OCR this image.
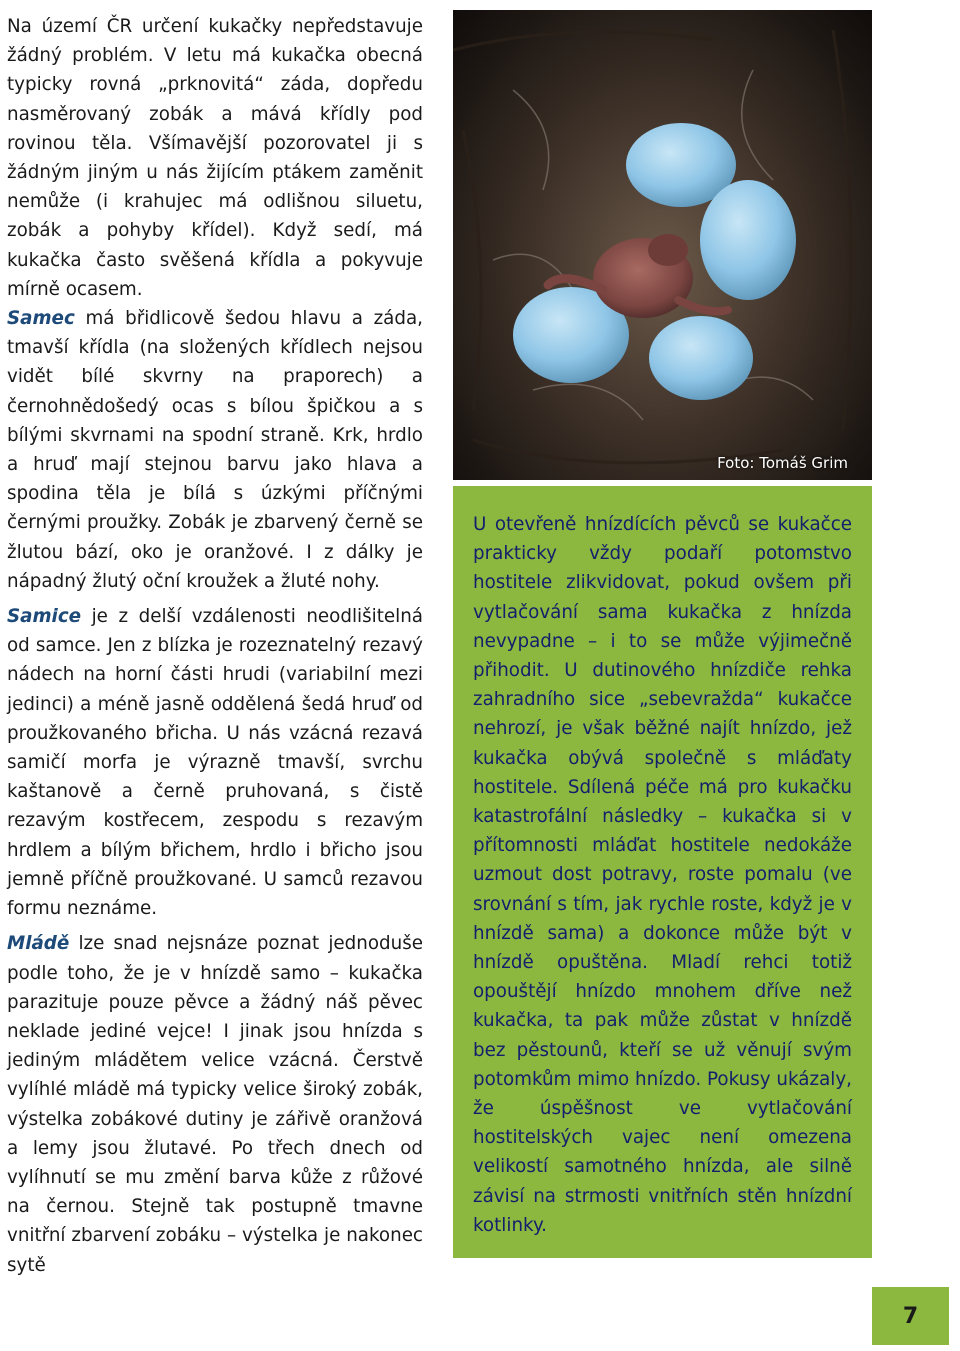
Na území ČR určení kukačky nepředstavuje žádný problém. V letu má kukačka obecná typicky rovná „prknovitá“ záda, dopředu nasměrovaný zobák a mává křídly pod rovinou těla. Všímavější pozorovatel ji s žádným jiným u nás žijícím ptákem zaměnit nemůže (i krahujec má odlišnou siluetu, zobák a pohyby křídel). Když sedí, má kukačka často svěšená křídla a pokyvuje mírně ocasem.

Samec má břidlicově šedou hlavu a záda, tmavší křídla (na složených křídlech nejsou vidět bílé skvrny na praporech) a černohnědošedý ocas s bílou špičkou a s bílými skvrnami na spodní straně. Krk, hrdlo a hruď mají stejnou barvu jako hlava a spodina těla je bílá s úzkými příčnými černými proužky. Zobák je zbarvený černě se žlutou bází, oko je oranžové. I z dálky je nápadný žlutý oční kroužek a žluté nohy.

Samice je z delší vzdálenosti neodlišitelná od samce. Jen z blízka je rozeznatelný rezavý nádech na horní části hrudi (variabilní mezi jedinci) a méně jasně oddělená šedá hruď od proužkovaného břicha. U nás vzácná rezavá samičí morfa je výrazně tmavší, svrchu kaštanově a černě pruhovaná, s čistě rezavým kostřecem, zespodu s rezavým hrdlem a bílým břichem, hrdlo i břicho jsou jemně příčně proužkované. U samců rezavou formu neznáme.

Mládě lze snad nejsnáze poznat jednoduše podle toho, že je v hnízdě samo – kukačka parazituje pouze pěvce a žádný náš pěvec neklade jediné vejce! I jinak jsou hnízda s jediným mládětem velice vzácná. Čerstvě vylíhlé mládě má typicky velice široký zobák, výstelka zobákové dutiny je zářivě oranžová a lemy jsou žlutavé. Po třech dnech od vylíhnutí se mu změní barva kůže z růžové na černou. Stejně tak postupně tmavne vnitřní zbarvení zobáku – výstelka je nakonec sytě

Foto: Tomáš Grim

U otevřeně hnízdících pěvců se kukačce prakticky vždy podaří potomstvo hostitele zlikvidovat, pokud ovšem při vytlačování sama kukačka z hnízda nevypadne – i to se může výjimečně přihodit. U dutinového hnízdiče rehka zahradního sice „sebevražda“ kukačce nehrozí, je však běžné najít hnízdo, jež kukačka obývá společně s mláďaty hostitele. Sdílená péče má pro kukačku katastrofální následky – kukačka si v přítomnosti mláďat hostitele nedokáže uzmout dost potravy, roste pomalu (ve srovnání s tím, jak rychle roste, když je v hnízdě sama) a dokonce může být v hnízdě opuštěna. Mladí rehci totiž opouštějí hnízdo mnohem dříve než kukačka, ta pak může zůstat v hnízdě bez pěstounů, kteří se už věnují svým potomkům mimo hnízdo. Pokusy ukázaly, že úspěšnost ve vytlačování hostitelských vajec není omezena velikostí samotného hnízda, ale silně závisí na strmosti vnitřních stěn hnízdní kotlinky.

7
